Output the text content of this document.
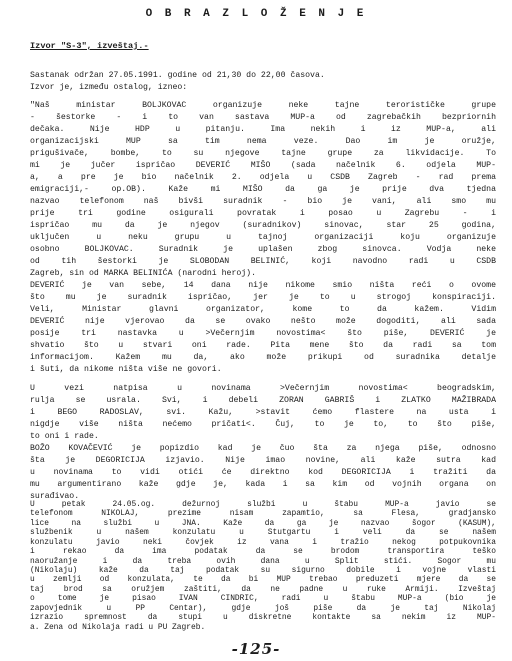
O B R A Z L O Ž E N J E
Izvor "S-3", izveštaj.-
Sastanak održan 27.05.1991. godine od 21,30 do 22,00 časova.
Izvor je, između ostalog, izneo:
"Naš ministar BOLJKOVAC organizuje neke tajne terorističke grupe
- šestorke - i to van sastava MUP-a od zagrebačkih bezpriornih
dečaka. Nije HDP u pitanju. Ima nekih i iz MUP-a, ali
organizacijski MUP sa tim nema veze. Dao im je oružje,
prigušivače, bombe, to su njegove tajne grupe za likvidacije. To
mi je jučer ispričao DEVERIĆ MIŠO (sada načelnik 6. odjela MUP-
a, a pre je bio načelnik 2. odjela u CSDB Zagreb - rad prema
emigraciji,- op.OB). Kaže mi MIŠO da ga je prije dva tjedna
nazvao telefonom naš bivši suradnik - bio je vani, ali smo mu
prije tri godine osigurali povratak i posao u Zagrebu - i
ispričao mu da je njegov (suradnikov) sinovac, star 25 godina,
uključen u neku grupu u tajnoj organizaciji koju organizuje
osobno BOLJKOVAC. Suradnik je uplašen zbog sinovca. Vodja neke
od tih šestorki je SLOBODAN BELINIĆ, koji navodno radi u CSDB
Zagreb, sin od MARKA BELINIĆA (narodni heroj).
DEVERIĆ je van sebe, 14 dana nije nikome smio ništa reći o ovome
što mu je suradnik ispričao, jer je to u strogoj konspiraciji.
Veli, Ministar glavni organizator, kome to da kažem. Vidim
DEVERIĆ nije vjerovao da se ovako nešto može dogoditi, ali sada
posije tri nastavka u >Večernjim novostima< što piše, DEVERIĆ je
shvatio što u stvari oni rade. Pita mene što da radi sa tom
informacijom. Kažem mu da, ako može prikupi od suradnika detalje
i šuti, da nikome ništa više ne govori.
U vezi natpisa u novinama >Večernjim novostima< beogradskim,
rulja se usrala. Svi, i debeli ZORAN GABRIŠ i ZLATKO MAŽIBRADA
i BEGO RADOSLAV, svi. Kažu, >stavit ćemo flastere na usta i
nigdje više ništa nećemo pričati<. Čuj, to je to, to što piše,
to oni i rade.
BOŽO KOVAČEVIĆ je popizdio kad je čuo šta za njega piše, odnosno
šta je DEGORICIJA izjavio. Nije imao novine, ali kaže sutra kad
u novinama to vidi otići će direktno kod DEGORICIJA i tražiti da
mu argumentirano kaže gdje je, kada i sa kim od vojnih organa on
surađivao.
U petak 24.05.og. dežurnoj službi u štabu MUP-a javio se
telefonom NIKOLAJ, prezime nisam zapamtio, sa Flesa, gradjansko
lice na službi u JNA. Kaže da ga je nazvao šogor (KASUM),
službenik u našem konzulatu u Štutgartu i veli da se našem
konzulatu javio neki čovjek iz vana i tražio nekog potpukovnika
i rekao da ima podatak da se brodom transportira teško
naoružanje i da treba ovih dana u Split stići. Šogor mu
(Nikolaju) kaže da taj podatak su sigurno dobile i vojne vlasti
u zemlji od konzulata, te da bi MUP trebao preduzeti mjere da se
taj brod sa oružjem zaštiti, da ne padne u ruke Armiji. Izveštaj
o tome je pisao IVAN CINDRIĆ, radi u štabu MUP-a (bio je
-125-
zapovjednik u PP Centar), gdje još piše da je taj Nikolaj
izrazio spremnost da stupi u diskretne kontakte sa nekim iz MUP-
a. Žena od Nikolaja radi u PU Zagreb.
